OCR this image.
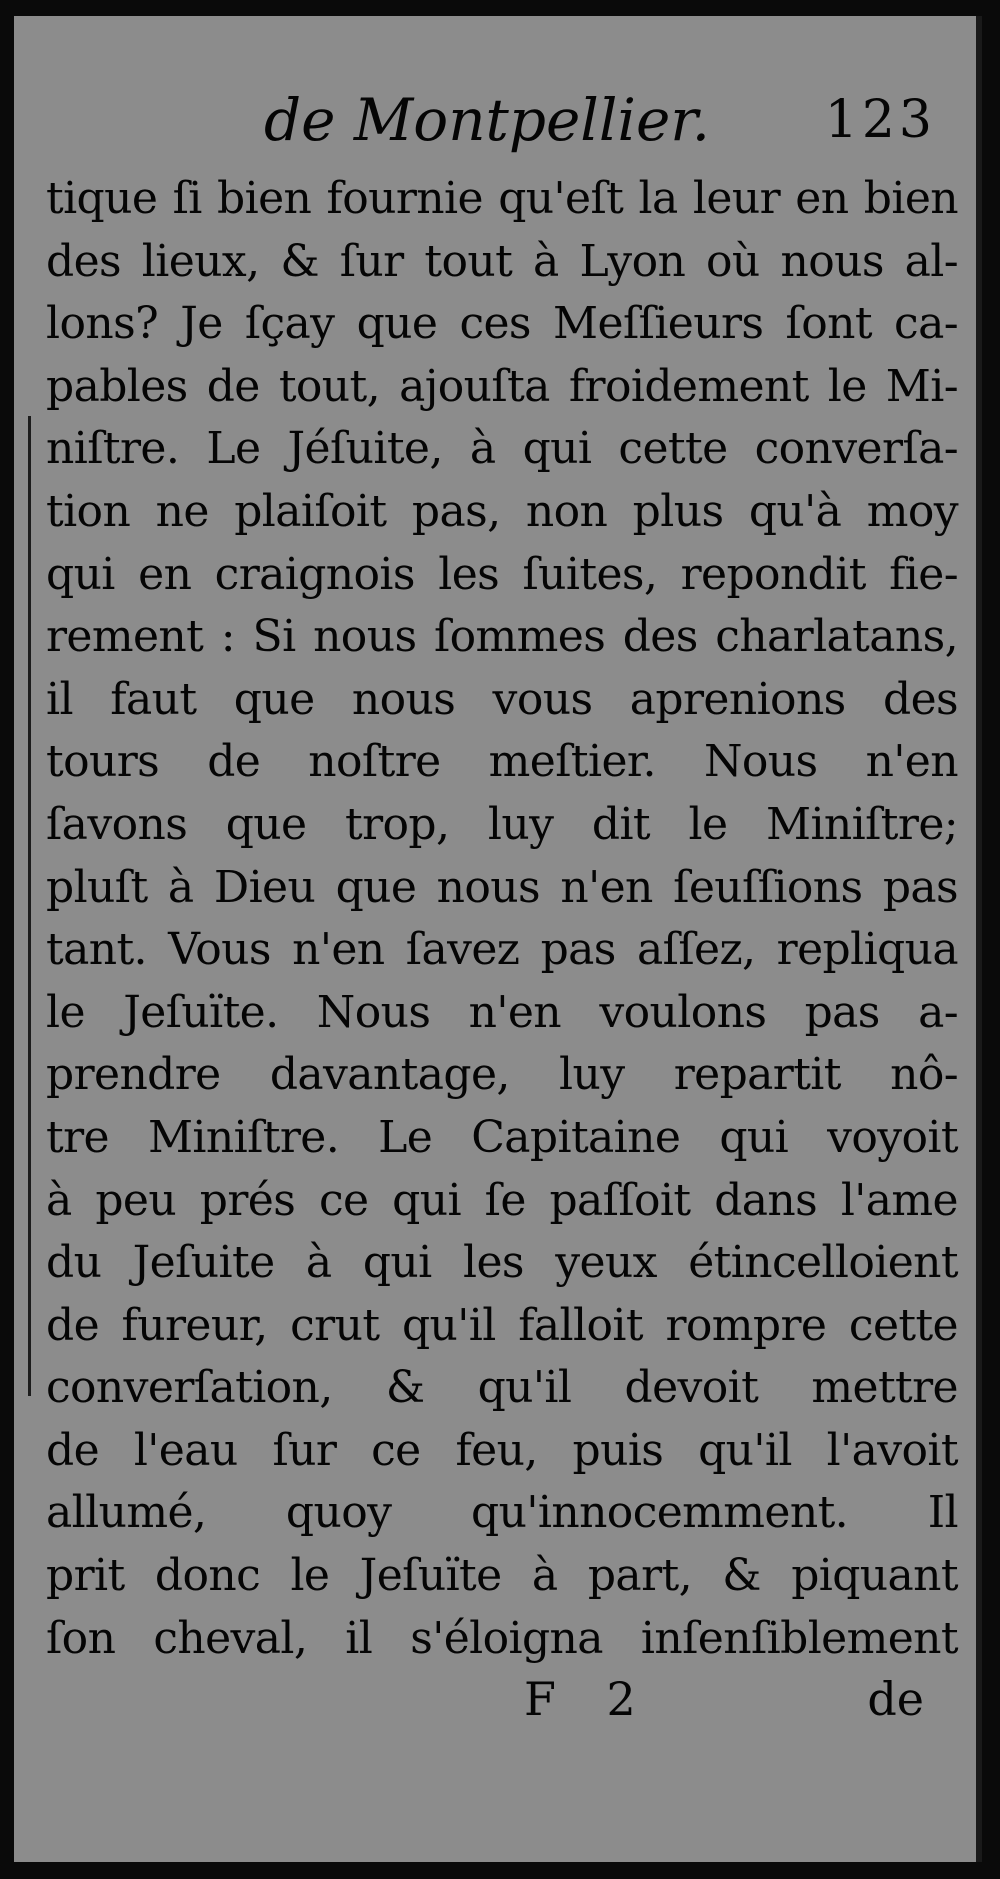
de Montpellier. 123
tique ſi bien fournie qu'eſt la leur en bien
des lieux, & ſur tout à Lyon où nous al-
lons? Je ſçay que ces Meſſieurs ſont ca-
pables de tout, ajouſta froidement le Mi-
niſtre. Le Jéſuite, à qui cette converſa-
tion ne plaiſoit pas, non plus qu'à moy
qui en craignois les ſuites, repondit fie-
rement : Si nous ſommes des charlatans,
il faut que nous vous aprenions des
tours de noſtre meſtier. Nous n'en
ſavons que trop, luy dit le Miniſtre;
pluſt à Dieu que nous n'en ſeuſſions pas
tant. Vous n'en ſavez pas aſſez, repliqua
le Jeſuïte. Nous n'en voulons pas a-
prendre davantage, luy repartit nô-
tre Miniſtre. Le Capitaine qui voyoit
à peu prés ce qui ſe paſſoit dans l'ame
du Jeſuite à qui les yeux étincelloient
de fureur, crut qu'il falloit rompre cette
converſation, & qu'il devoit mettre
de l'eau ſur ce feu, puis qu'il l'avoit
allumé, quoy qu'innocemment. Il
prit donc le Jeſuïte à part, & piquant
ſon cheval, il s'éloigna inſenſiblement
F 2	de
